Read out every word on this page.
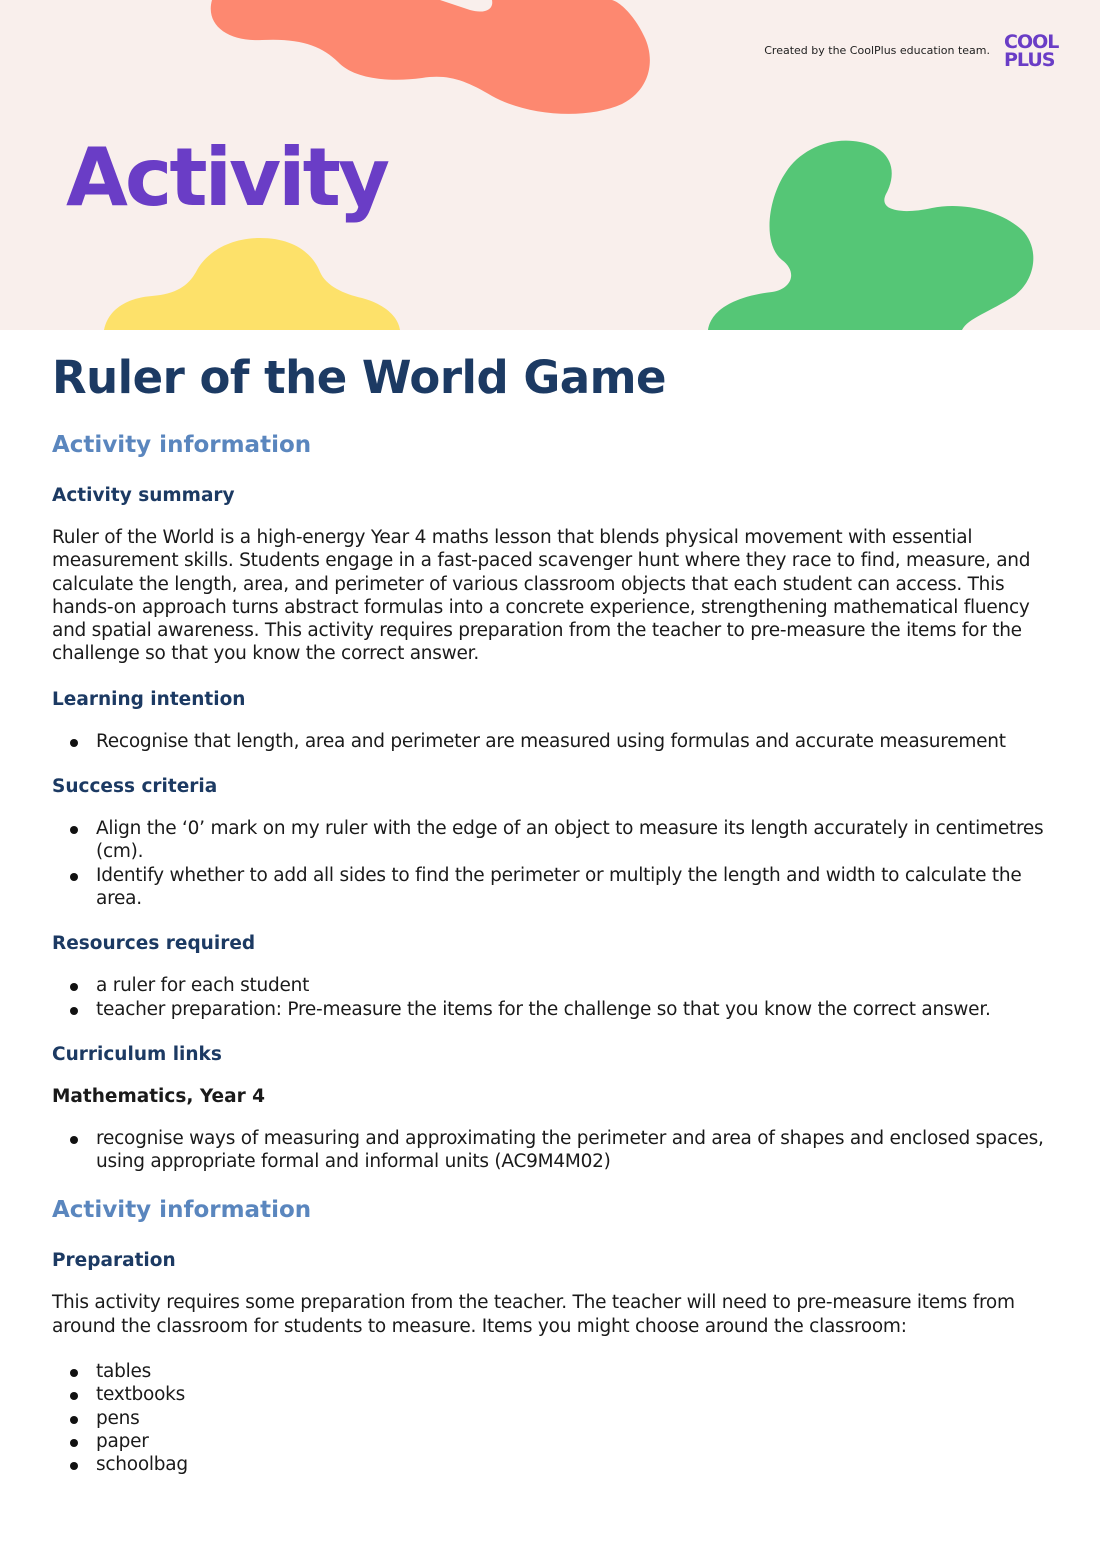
Created by the CoolPlus education team. COOL
PLUS
Activity
Ruler of the World Game
Activity information
Activity summary

Ruler of the World is a high-energy Year 4 maths lesson that blends physical movement with essential measurement skills. Students engage in a fast-paced scavenger hunt where they race to find, measure, and calculate the length, area, and perimeter of various classroom objects that each student can access. This hands-on approach turns abstract formulas into a concrete experience, strengthening mathematical fluency and spatial awareness. This activity requires preparation from the teacher to pre-measure the items for the challenge so that you know the correct answer.

Learning intention
Recognise that length, area and perimeter are measured using formulas and accurate measurement
Success criteria
Align the ‘0’ mark on my ruler with the edge of an object to measure its length accurately in centimetres (cm).
Identify whether to add all sides to find the perimeter or multiply the length and width to calculate the area.
Resources required
a ruler for each student
teacher preparation: Pre-measure the items for the challenge so that you know the correct answer.
Curriculum links
Mathematics, Year 4
recognise ways of measuring and approximating the perimeter and area of shapes and enclosed spaces, using appropriate formal and informal units (AC9M4M02)
Activity information
Preparation

This activity requires some preparation from the teacher. The teacher will need to pre-measure items from around the classroom for students to measure. Items you might choose around the classroom:

tables
textbooks
pens
paper
schoolbag
